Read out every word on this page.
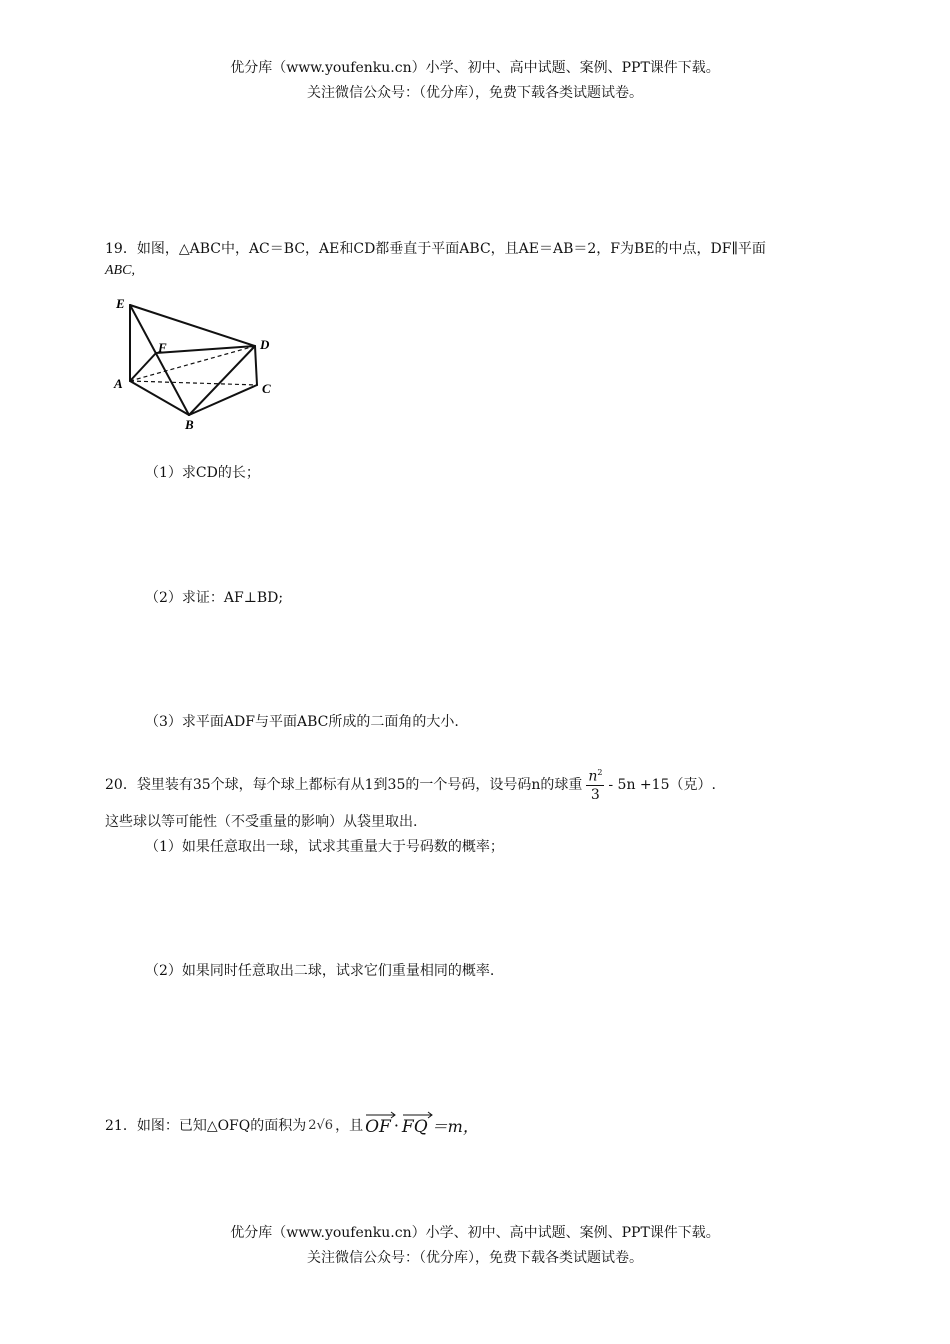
优分库（www.youfenku.cn）小学、初中、高中试题、案例、PPT课件下载。
关注微信公众号：（优分库），免费下载各类试题试卷。
19．如图，△ABC中，AC＝BC，AE和CD都垂直于平面ABC，且AE＝AB＝2，F为BE的中点，DF∥平面
ABC,
E
F	D
A	C
B
（1）求CD的长；
（2）求证：AF⊥BD;
（3）求平面ADF与平面ABC所成的二面角的大小.
20．袋里装有35个球，每个球上都标有从1到35的一个号码，设号码n的球重 $\frac{n^2}{3} - 5n +15$（克）.
这些球以等可能性（不受重量的影响）从袋里取出.
（1）如果任意取出一球，试求其重量大于号码数的概率；
（2）如果同时任意取出二球，试求它们重量相同的概率.
21．如图：已知△OFQ的面积为 2√6 ，且 OF · FQ ＝m，
优分库（www.youfenku.cn）小学、初中、高中试题、案例、PPT课件下载。
关注微信公众号：（优分库），免费下载各类试题试卷。
